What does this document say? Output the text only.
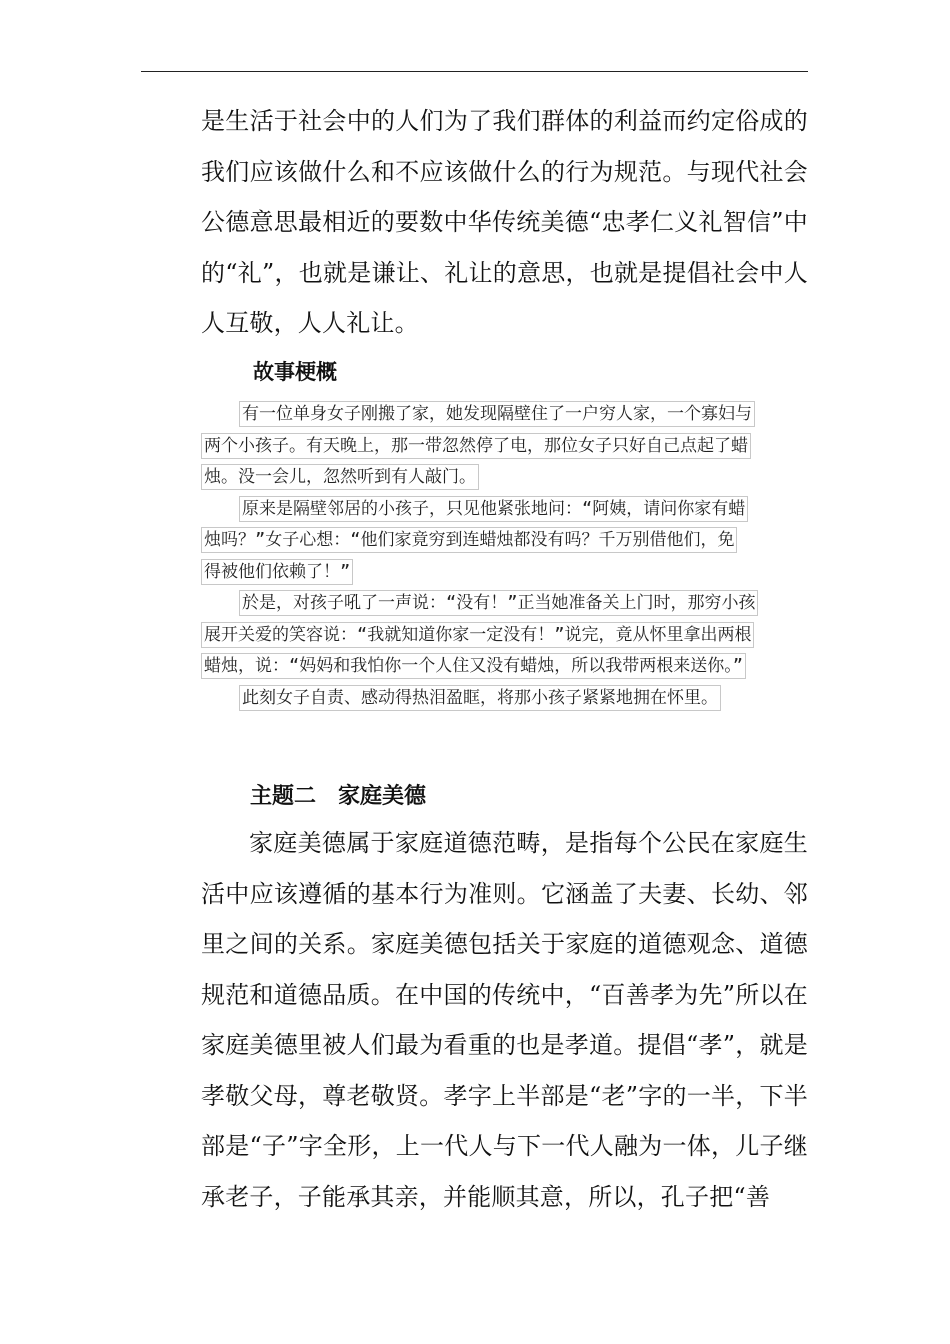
是生活于社会中的人们为了我们群体的利益而约定俗成的我们应该做什么和不应该做什么的行为规范。与现代社会公德意思最相近的要数中华传统美德“忠孝仁义礼智信”中的“礼”，也就是谦让、礼让的意思，也就是提倡社会中人人互敬，人人礼让。

故事梗概

有一位单身女子刚搬了家，她发现隔壁住了一户穷人家，一个寡妇与

两个小孩子。有天晚上，那一带忽然停了电，那位女子只好自己点起了蜡

烛。没一会儿，忽然听到有人敲门。

原来是隔壁邻居的小孩子，只见他紧张地问：“阿姨，请问你家有蜡

烛吗？”女子心想：“他们家竟穷到连蜡烛都没有吗？千万别借他们，免

得被他们依赖了！”

於是，对孩子吼了一声说：“没有！”正当她准备关上门时，那穷小孩

展开关爱的笑容说：“我就知道你家一定没有！”说完，竟从怀里拿出两根

蜡烛，说：“妈妈和我怕你一个人住又没有蜡烛，所以我带两根来送你。”

此刻女子自责、感动得热泪盈眶，将那小孩子紧紧地拥在怀里。

主题二　家庭美德

家庭美德属于家庭道德范畴，是指每个公民在家庭生活中应该遵循的基本行为准则。它涵盖了夫妻、长幼、邻里之间的关系。家庭美德包括关于家庭的道德观念、道德规范和道德品质。在中国的传统中，“百善孝为先”所以在家庭美德里被人们最为看重的也是孝道。提倡“孝”，就是孝敬父母，尊老敬贤。孝字上半部是“老”字的一半，下半部是“子”字全形，上一代人与下一代人融为一体，儿子继承老子，子能承其亲，并能顺其意，所以，孔子把“善
